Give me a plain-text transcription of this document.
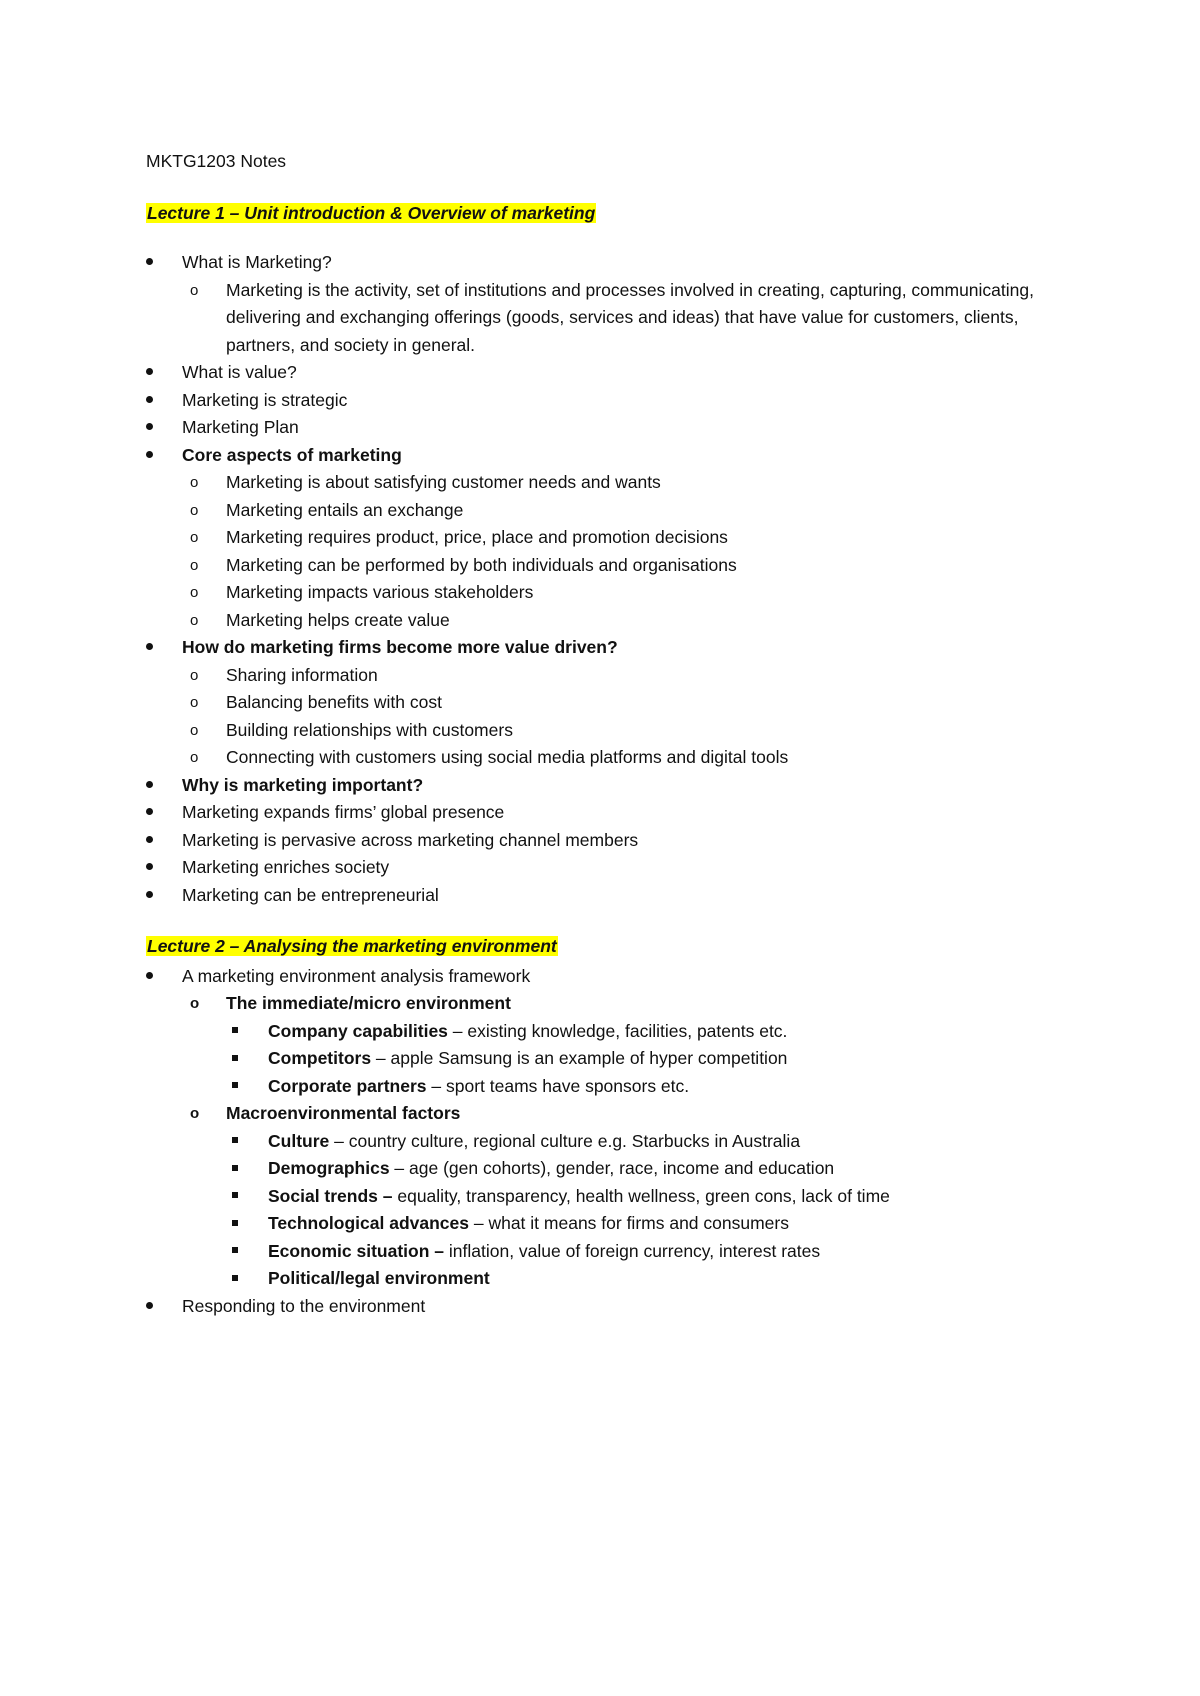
MKTG1203 Notes

Lecture 1 – Unit introduction & Overview of marketing

What is Marketing?
o	Marketing is the activity, set of institutions and processes involved in creating, capturing, communicating, delivering and exchanging offerings (goods, services and ideas) that have value for customers, clients, partners, and society in general.
What is value?
Marketing is strategic
Marketing Plan
Core aspects of marketing
o	Marketing is about satisfying customer needs and wants
o	Marketing entails an exchange
o	Marketing requires product, price, place and promotion decisions
o	Marketing can be performed by both individuals and organisations
o	Marketing impacts various stakeholders
o	Marketing helps create value
How do marketing firms become more value driven?
o	Sharing information
o	Balancing benefits with cost
o	Building relationships with customers
o	Connecting with customers using social media platforms and digital tools
Why is marketing important?
Marketing expands firms’ global presence
Marketing is pervasive across marketing channel members
Marketing enriches society
Marketing can be entrepreneurial

Lecture 2 – Analysing the marketing environment

A marketing environment analysis framework
o	The immediate/micro environment
Company capabilities – existing knowledge, facilities, patents etc.
Competitors – apple Samsung is an example of hyper competition
Corporate partners – sport teams have sponsors etc.
o	Macroenvironmental factors
Culture – country culture, regional culture e.g. Starbucks in Australia
Demographics – age (gen cohorts), gender, race, income and education
Social trends – equality, transparency, health wellness, green cons, lack of time
Technological advances – what it means for firms and consumers
Economic situation – inflation, value of foreign currency, interest rates
Political/legal environment
Responding to the environment
